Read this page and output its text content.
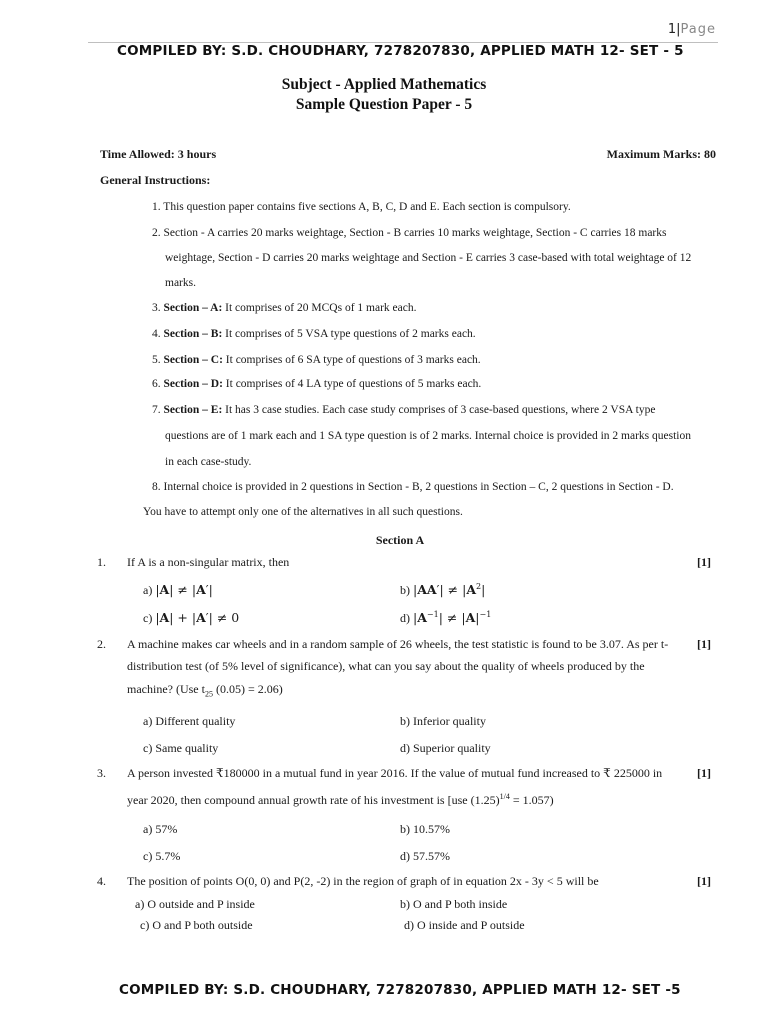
1|Page
COMPILED BY: S.D. CHOUDHARY, 7278207830, APPLIED MATH 12- SET - 5
Subject - Applied Mathematics
Sample Question Paper - 5
Time Allowed: 3 hours	Maximum Marks: 80
General Instructions:
1. This question paper contains five sections A, B, C, D and E. Each section is compulsory.
2. Section - A carries 20 marks weightage, Section - B carries 10 marks weightage, Section - C carries 18 marks
weightage, Section - D carries 20 marks weightage and Section - E carries 3 case-based with total weightage of 12
marks.
3. Section – A: It comprises of 20 MCQs of 1 mark each.
4. Section – B: It comprises of 5 VSA type questions of 2 marks each.
5. Section – C: It comprises of 6 SA type of questions of 3 marks each.
6. Section – D: It comprises of 4 LA type of questions of 5 marks each.
7. Section – E: It has 3 case studies. Each case study comprises of 3 case-based questions, where 2 VSA type
questions are of 1 mark each and 1 SA type question is of 2 marks. Internal choice is provided in 2 marks question
in each case-study.
8. Internal choice is provided in 2 questions in Section - B, 2 questions in Section – C, 2 questions in Section - D.
You have to attempt only one of the alternatives in all such questions.
Section A
1. If A is a non-singular matrix, then	[1]
a) |A| ≠ |A′|	b) $|AA'| \ne |A^2|$
c) |A| + |A′| ≠ 0	d) $|A^{-1}| \ne |A|^{-1}$
2. A machine makes car wheels and in a random sample of 26 wheels, the test statistic is found to be 3.07. As per t- [1]
distribution test (of 5% level of significance), what can you say about the quality of wheels produced by the
machine? (Use $t_{25}$ (0.05) = 2.06)
a) Different quality	b) Inferior quality
c) Same quality	d) Superior quality
3. A person invested ₹180000 in a mutual fund in year 2016. If the value of mutual fund increased to ₹ 225000 in	[1]
year 2020, then compound annual growth rate of his investment is [use $(1.25)^{1/4} = 1.057$)
a) 57%	b) 10.57%
c) 5.7%	d) 57.57%
4. The position of points O(0, 0) and P(2, -2) in the region of graph of in equation 2x - 3y < 5 will be	[1]
a) O outside and P inside	b) O and P both inside
c) O and P both outside	d) O inside and P outside
COMPILED BY: S.D. CHOUDHARY, 7278207830, APPLIED MATH 12- SET -5
